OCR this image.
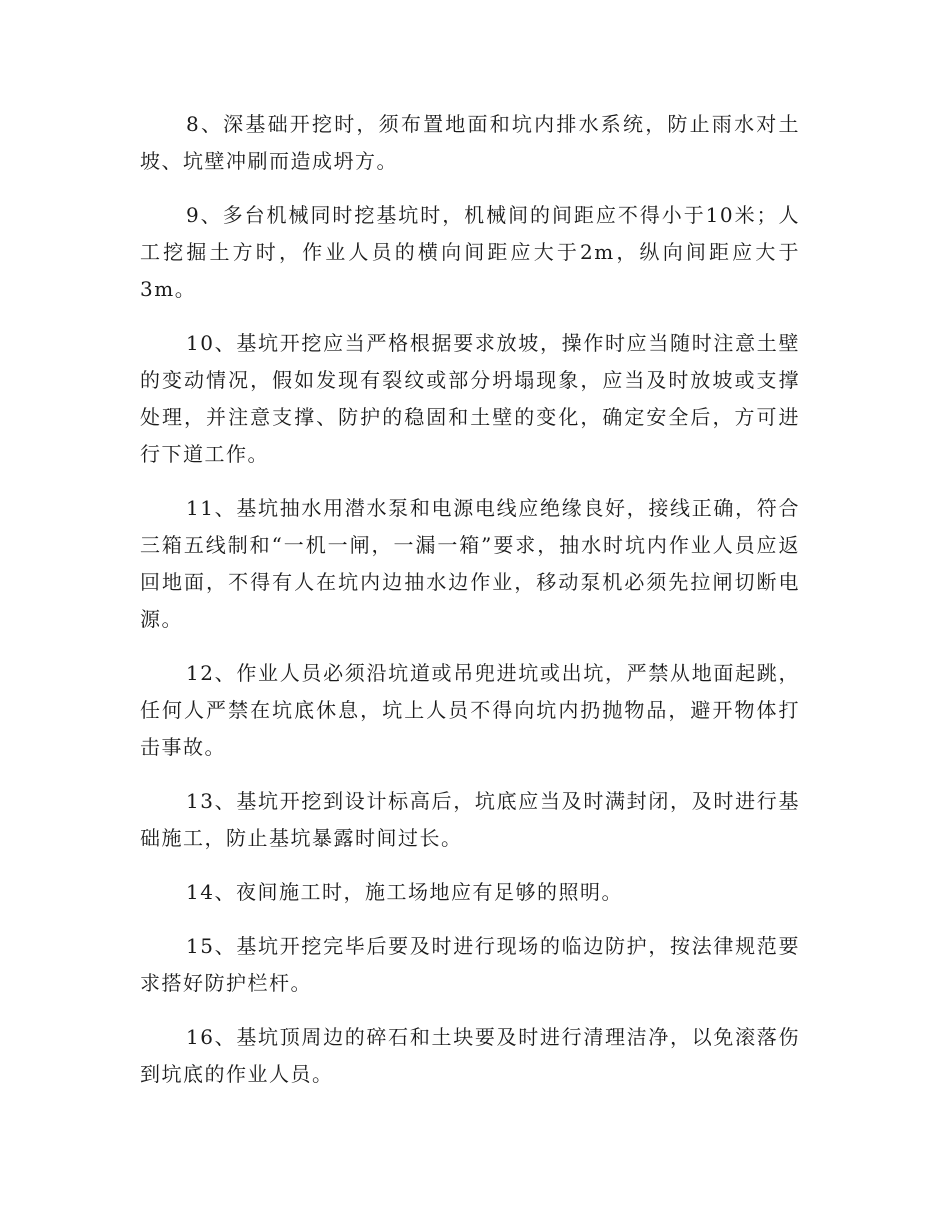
8、深基础开挖时，须布置地面和坑内排水系统，防止雨水对土坡、坑壁冲刷而造成坍方。

9、多台机械同时挖基坑时，机械间的间距应不得小于10米；人工挖掘土方时，作业人员的横向间距应大于2m，纵向间距应大于3m。

10、基坑开挖应当严格根据要求放坡，操作时应当随时注意土壁的变动情况，假如发现有裂纹或部分坍塌现象，应当及时放坡或支撑处理，并注意支撑、防护的稳固和土壁的变化，确定安全后，方可进行下道工作。

11、基坑抽水用潜水泵和电源电线应绝缘良好，接线正确，符合三箱五线制和“一机一闸，一漏一箱”要求，抽水时坑内作业人员应返回地面，不得有人在坑内边抽水边作业，移动泵机必须先拉闸切断电源。

12、作业人员必须沿坑道或吊兜进坑或出坑，严禁从地面起跳，任何人严禁在坑底休息，坑上人员不得向坑内扔抛物品，避开物体打击事故。

13、基坑开挖到设计标高后，坑底应当及时满封闭，及时进行基础施工，防止基坑暴露时间过长。

14、夜间施工时，施工场地应有足够的照明。

15、基坑开挖完毕后要及时进行现场的临边防护，按法律规范要求搭好防护栏杆。

16、基坑顶周边的碎石和土块要及时进行清理洁净，以免滚落伤到坑底的作业人员。
